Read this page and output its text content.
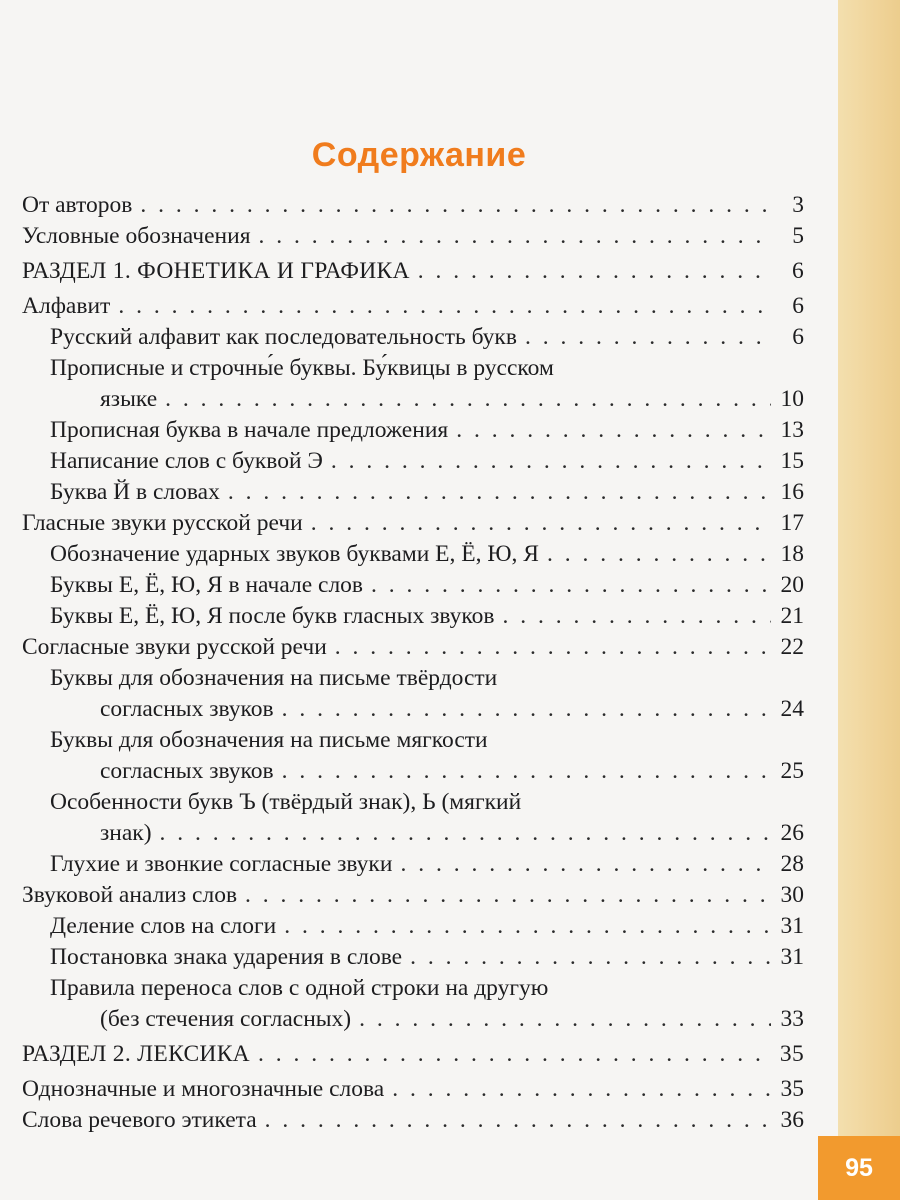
Содержание
От авторов . . .	3
Условные обозначения . . .	5
РАЗДЕЛ 1. ФОНЕТИКА И ГРАФИКА . . .	6
Алфавит . . .	6
Русский алфавит как последовательность букв . . .	6
Прописные и строчны́е буквы. Бу́квицы в русском
языке . . .	10
Прописная буква в начале предложения . . .	13
Написание слов с буквой Э . . .	15
Буква Й в словах . . .	16
Гласные звуки русской речи . . .	17
Обозначение ударных звуков буквами Е, Ё, Ю, Я . . .	18
Буквы Е, Ё, Ю, Я в начале слов . . .	20
Буквы Е, Ё, Ю, Я после букв гласных звуков . . .	21
Согласные звуки русской речи . . .	22
Буквы для обозначения на письме твёрдости
согласных звуков . . .	24
Буквы для обозначения на письме мягкости
согласных звуков . . .	25
Особенности букв Ъ (твёрдый знак), Ь (мягкий
знак) . . .	26
Глухие и звонкие согласные звуки . . .	28
Звуковой анализ слов . . .	30
Деление слов на слоги . . .	31
Постановка знака ударения в слове . . .	31
Правила переноса слов с одной строки на другую
(без стечения согласных) . . .	33
РАЗДЕЛ 2. ЛЕКСИКА . . .	35
Однозначные и многозначные слова . . .	35
Слова речевого этикета . . .	36
95
